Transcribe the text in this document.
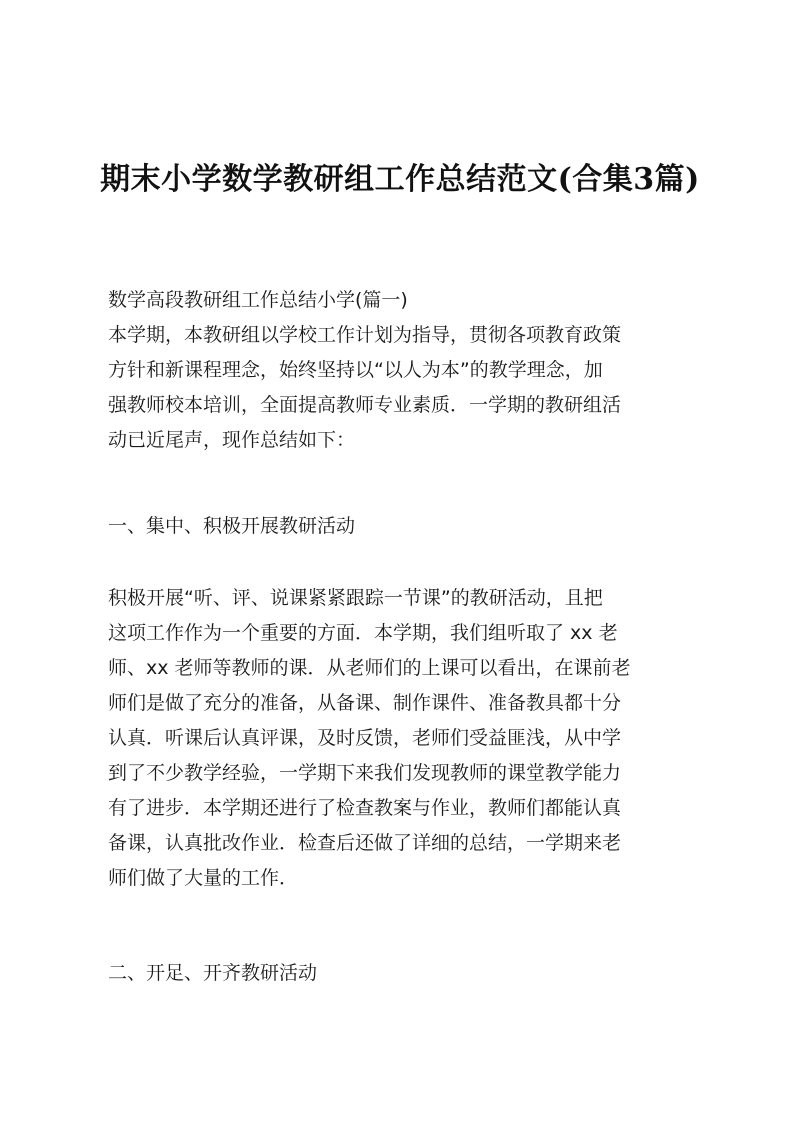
期末小学数学教研组工作总结范文(合集3篇)
数学高段教研组工作总结小学(篇一)
本学期，本教研组以学校工作计划为指导，贯彻各项教育政策
方针和新课程理念，始终坚持以“以人为本”的教学理念，加
强教师校本培训，全面提高教师专业素质．一学期的教研组活
动已近尾声，现作总结如下：
一、集中、积极开展教研活动
积极开展“听、评、说课紧紧跟踪一节课”的教研活动，且把
这项工作作为一个重要的方面．本学期，我们组听取了 xx 老
师、xx 老师等教师的课．从老师们的上课可以看出，在课前老
师们是做了充分的准备，从备课、制作课件、准备教具都十分
认真．听课后认真评课，及时反馈，老师们受益匪浅，从中学
到了不少教学经验，一学期下来我们发现教师的课堂教学能力
有了进步．本学期还进行了检查教案与作业，教师们都能认真
备课，认真批改作业．检查后还做了详细的总结，一学期来老
师们做了大量的工作．
二、开足、开齐教研活动
